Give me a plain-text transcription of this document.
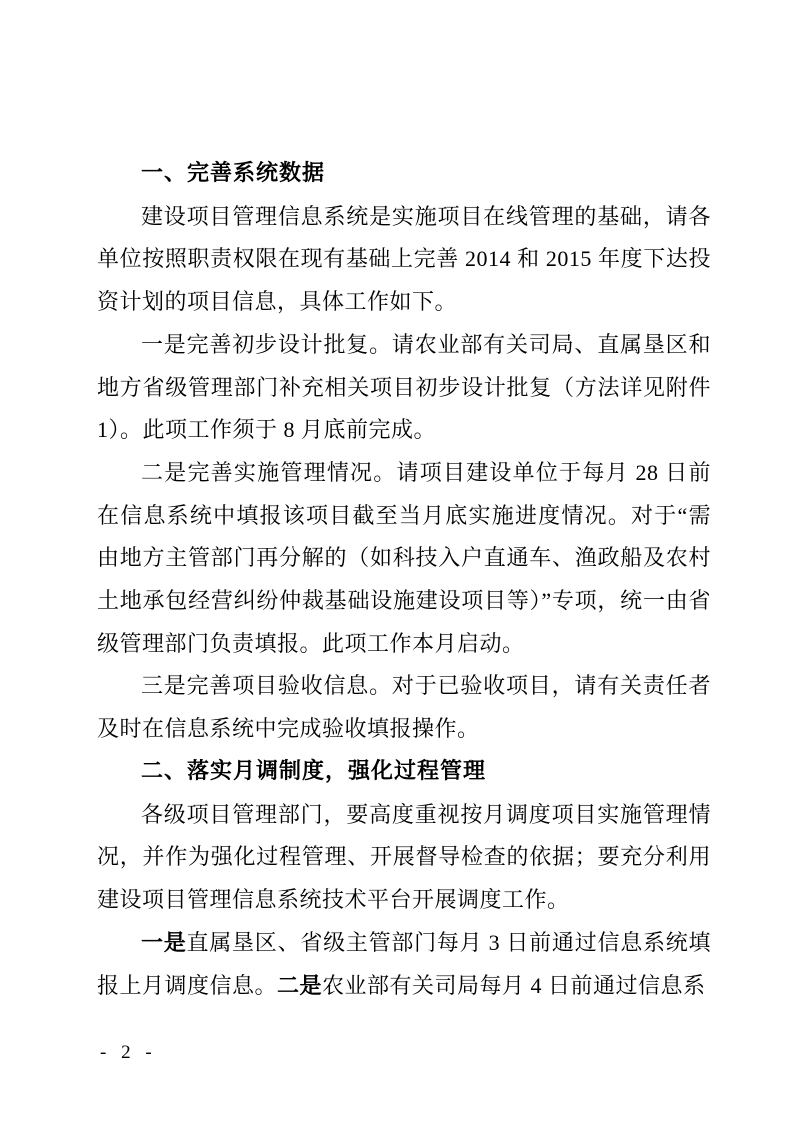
一、完善系统数据

建设项目管理信息系统是实施项目在线管理的基础，请各单位按照职责权限在现有基础上完善 2014 和 2015 年度下达投资计划的项目信息，具体工作如下。

一是完善初步设计批复。请农业部有关司局、直属垦区和地方省级管理部门补充相关项目初步设计批复（方法详见附件1）。此项工作须于 8 月底前完成。

二是完善实施管理情况。请项目建设单位于每月 28 日前在信息系统中填报该项目截至当月底实施进度情况。对于“需由地方主管部门再分解的（如科技入户直通车、渔政船及农村土地承包经营纠纷仲裁基础设施建设项目等）”专项，统一由省级管理部门负责填报。此项工作本月启动。

三是完善项目验收信息。对于已验收项目，请有关责任者及时在信息系统中完成验收填报操作。

二、落实月调制度，强化过程管理

各级项目管理部门，要高度重视按月调度项目实施管理情况，并作为强化过程管理、开展督导检查的依据；要充分利用建设项目管理信息系统技术平台开展调度工作。

一是直属垦区、省级主管部门每月 3 日前通过信息系统填报上月调度信息。二是农业部有关司局每月 4 日前通过信息系

- 2 -
